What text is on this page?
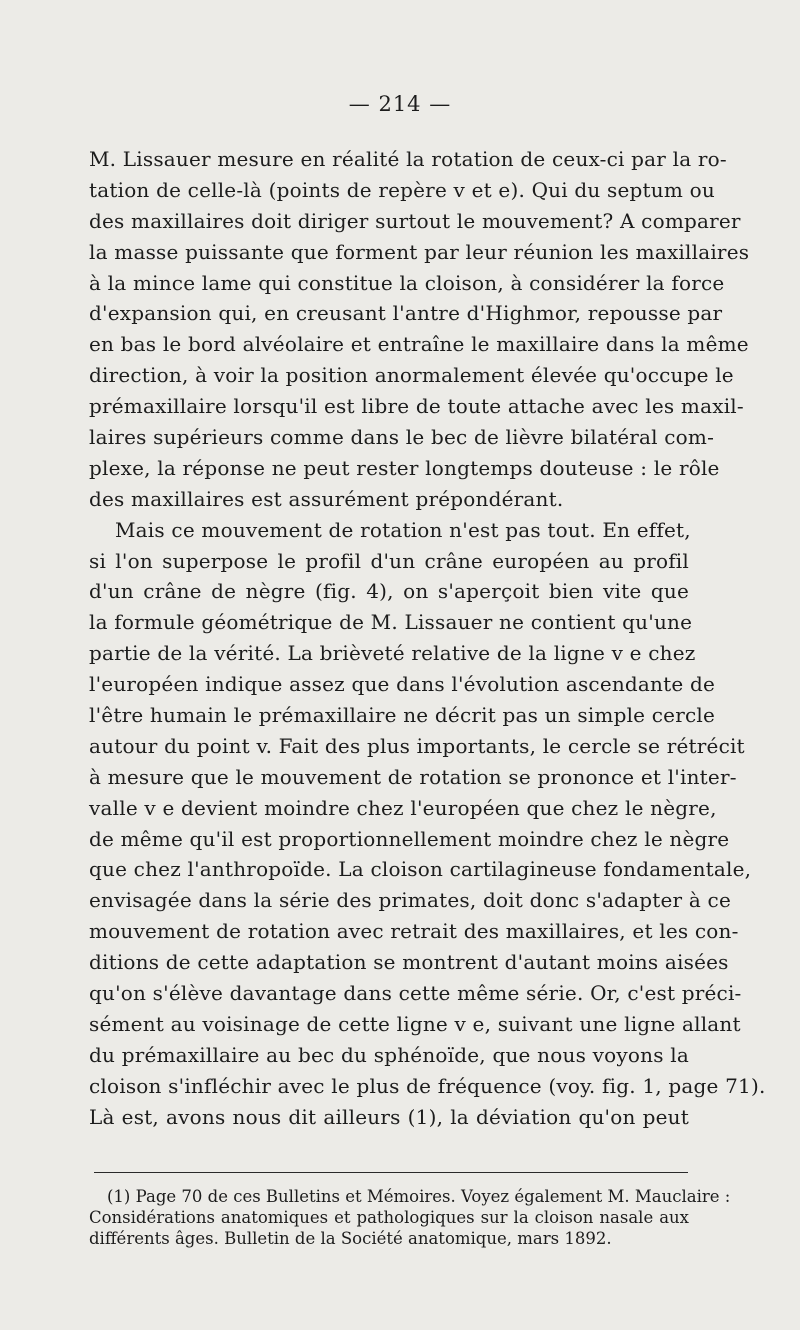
— 214 —
M. Lissauer mesure en réalité la rotation de ceux-ci par la ro-
tation de celle-là (points de repère v et e). Qui du septum ou
des maxillaires doit diriger surtout le mouvement? A comparer
la masse puissante que forment par leur réunion les maxillaires
à la mince lame qui constitue la cloison, à considérer la force
d'expansion qui, en creusant l'antre d'Highmor, repousse par
en bas le bord alvéolaire et entraîne le maxillaire dans la même
direction, à voir la position anormalement élevée qu'occupe le
prémaxillaire lorsqu'il est libre de toute attache avec les maxil-
laires supérieurs comme dans le bec de lièvre bilatéral com-
plexe, la réponse ne peut rester longtemps douteuse : le rôle
des maxillaires est assurément prépondérant.
Mais ce mouvement de rotation n'est pas tout. En effet,
si l'on superpose le profil d'un crâne européen au profil
d'un crâne de nègre (fig. 4), on s'aperçoit bien vite que
la formule géométrique de M. Lissauer ne contient qu'une
partie de la vérité. La brièveté relative de la ligne v e chez
l'européen indique assez que dans l'évolution ascendante de
l'être humain le prémaxillaire ne décrit pas un simple cercle
autour du point v. Fait des plus importants, le cercle se rétrécit
à mesure que le mouvement de rotation se prononce et l'inter-
valle v e devient moindre chez l'européen que chez le nègre,
de même qu'il est proportionnellement moindre chez le nègre
que chez l'anthropoïde. La cloison cartilagineuse fondamentale,
envisagée dans la série des primates, doit donc s'adapter à ce
mouvement de rotation avec retrait des maxillaires, et les con-
ditions de cette adaptation se montrent d'autant moins aisées
qu'on s'élève davantage dans cette même série. Or, c'est préci-
sément au voisinage de cette ligne v e, suivant une ligne allant
du prémaxillaire au bec du sphénoïde, que nous voyons la
cloison s'infléchir avec le plus de fréquence (voy. fig. 1, page 71).
Là est, avons nous dit ailleurs (1), la déviation qu'on peut
(1) Page 70 de ces Bulletins et Mémoires. Voyez également M. Mauclaire :
Considérations anatomiques et pathologiques sur la cloison nasale aux
différents âges. Bulletin de la Société anatomique, mars 1892.
